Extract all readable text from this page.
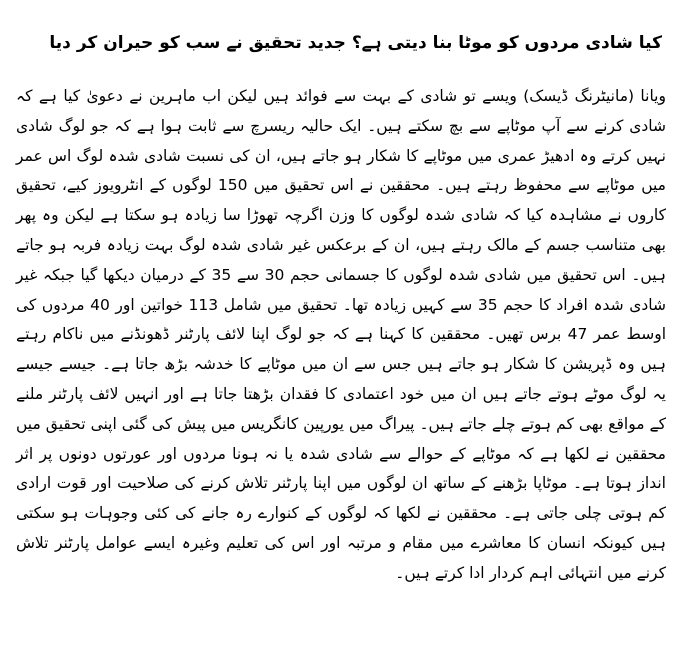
کیا شادی مردوں کو موٹا بنا دیتی ہے؟ جدید تحقیق نے سب کو حیران کر دیا

ویانا (مانیٹرنگ ڈیسک) ویسے تو شادی کے بہت سے فوائد ہیں لیکن اب ماہرین نے دعویٰ کیا ہے کہ شادی کرنے سے آپ موٹاپے سے بچ سکتے ہیں۔ ایک حالیہ ریسرچ سے ثابت ہوا ہے کہ جو لوگ شادی نہیں کرتے وہ ادھیڑ عمری میں موٹاپے کا شکار ہو جاتے ہیں، ان کی نسبت شادی شدہ لوگ اس عمر میں موٹاپے سے محفوظ رہتے ہیں۔ محققین نے اس تحقیق میں 150 لوگوں کے انٹرویوز کیے، تحقیق کاروں نے مشاہدہ کیا کہ شادی شدہ لوگوں کا وزن اگرچہ تھوڑا سا زیادہ ہو سکتا ہے لیکن وہ پھر بھی متناسب جسم کے مالک رہتے ہیں، ان کے برعکس غیر شادی شدہ لوگ بہت زیادہ فربہ ہو جاتے ہیں۔ اس تحقیق میں شادی شدہ لوگوں کا جسمانی حجم 30 سے 35 کے درمیان دیکھا گیا جبکہ غیر شادی شدہ افراد کا حجم 35 سے کہیں زیادہ تھا۔ تحقیق میں شامل 113 خواتین اور 40 مردوں کی اوسط عمر 47 برس تھیں۔ محققین کا کہنا ہے کہ جو لوگ اپنا لائف پارٹنر ڈھونڈنے میں ناکام رہتے ہیں وہ ڈپریشن کا شکار ہو جاتے ہیں جس سے ان میں موٹاپے کا خدشہ بڑھ جاتا ہے۔ جیسے جیسے یہ لوگ موٹے ہوتے جاتے ہیں ان میں خود اعتمادی کا فقدان بڑھتا جاتا ہے اور انہیں لائف پارٹنر ملنے کے مواقع بھی کم ہوتے چلے جاتے ہیں۔ پیراگ میں یورپین کانگریس میں پیش کی گئی اپنی تحقیق میں محققین نے لکھا ہے کہ موٹاپے کے حوالے سے شادی شدہ یا نہ ہونا مردوں اور عورتوں دونوں پر اثر انداز ہوتا ہے۔ موٹاپا بڑھنے کے ساتھ ان لوگوں میں اپنا پارٹنر تلاش کرنے کی صلاحیت اور قوت ارادی کم ہوتی چلی جاتی ہے۔ محققین نے لکھا کہ لوگوں کے کنوارے رہ جانے کی کئی وجوہات ہو سکتی ہیں کیونکہ انسان کا معاشرے میں مقام و مرتبہ اور اس کی تعلیم وغیرہ ایسے عوامل پارٹنر تلاش کرنے میں انتہائی اہم کردار ادا کرتے ہیں۔
